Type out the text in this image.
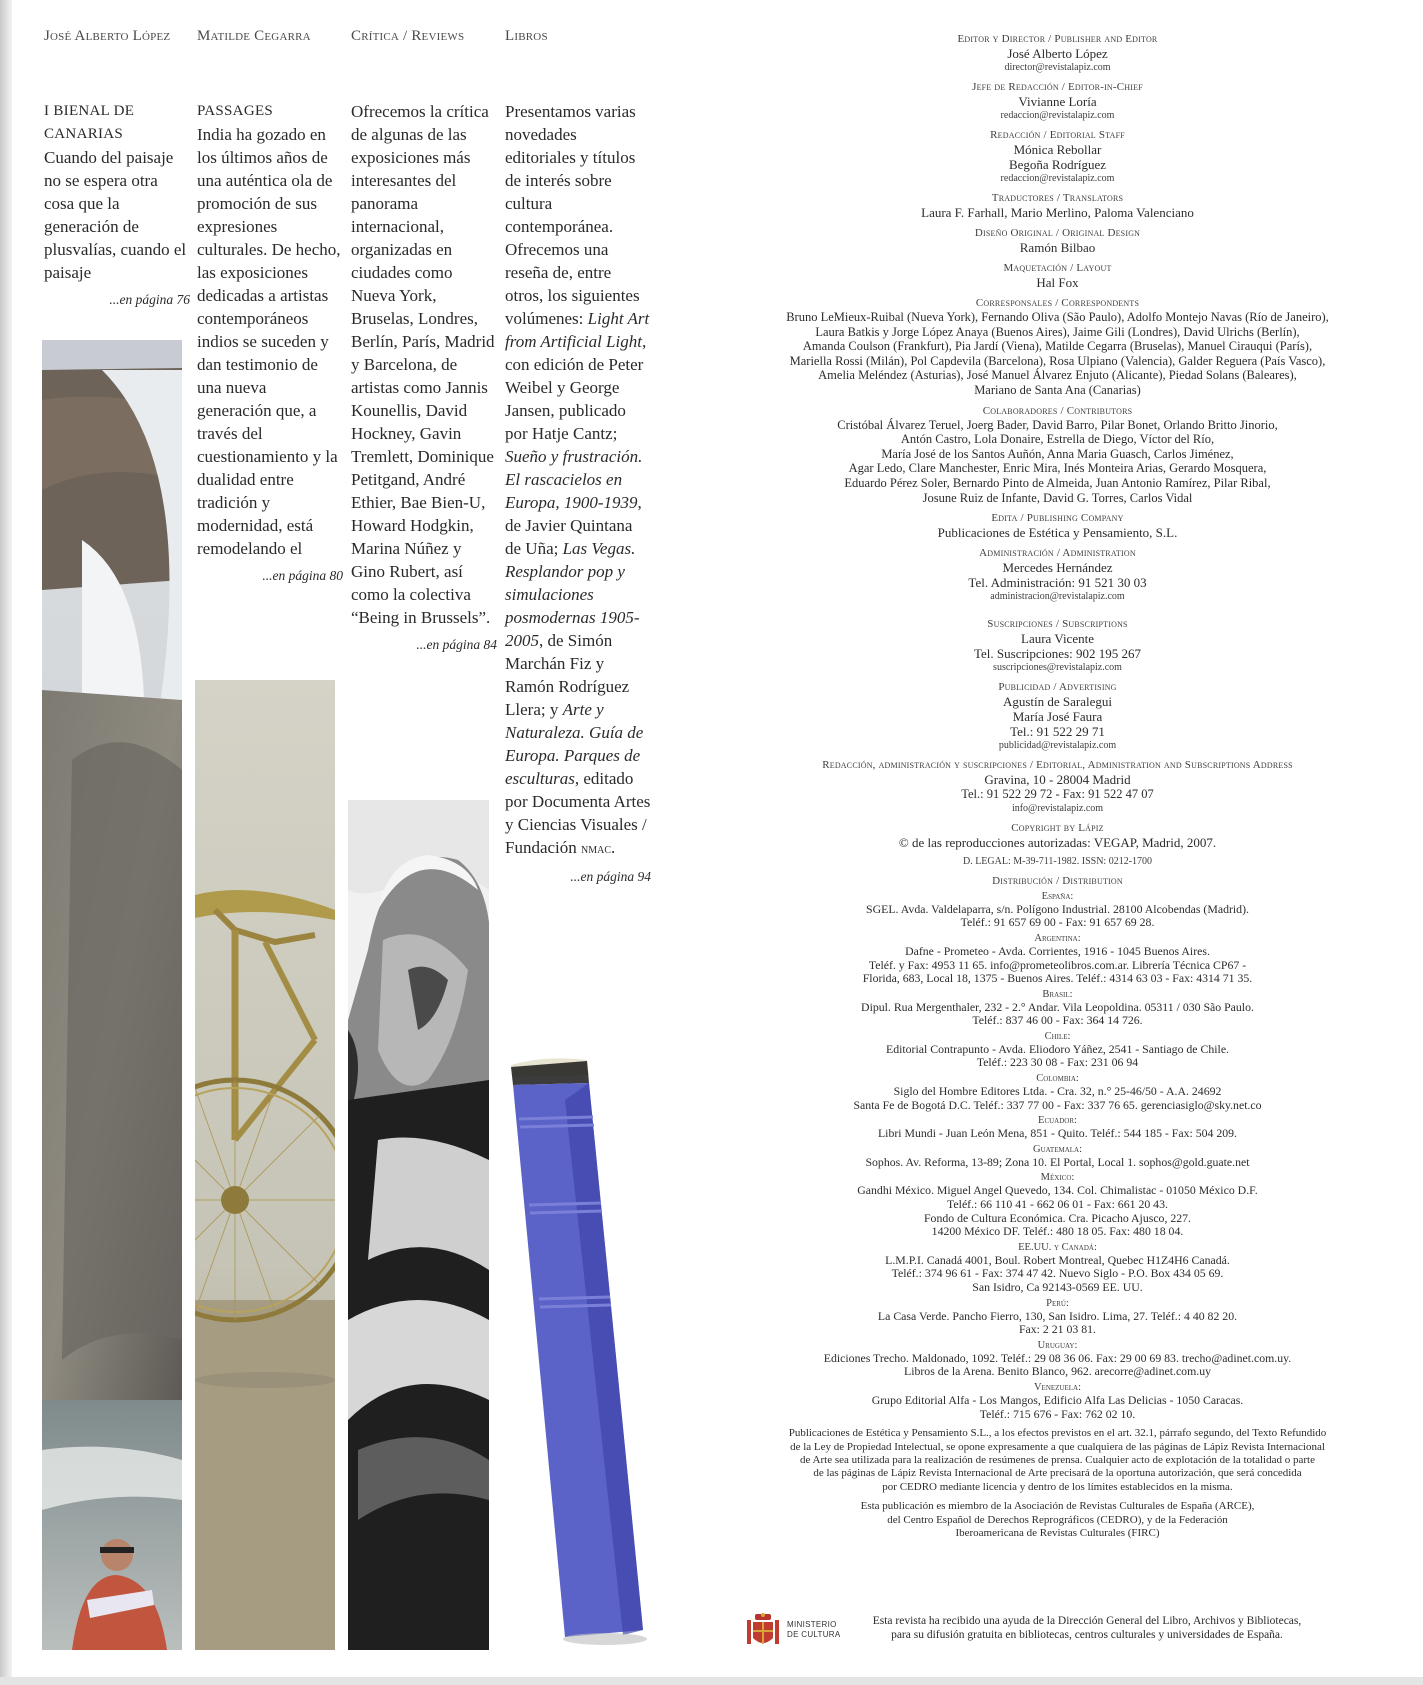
José Alberto López Matilde Cegarra	Crítica / Reviews	Libros
I BIENAL DE
CANARIAS
Cuando del paisaje no se espera otra cosa que la generación de plusvalías, cuando el paisaje
...en página 76
PASSAGES
India ha gozado en los últimos años de una auténtica ola de promoción de sus expresiones culturales. De hecho, las exposiciones dedicadas a artistas contemporáneos indios se suceden y dan testimonio de una nueva generación que, a través del cuestionamiento y la dualidad entre tradición y modernidad, está remodelando el
...en página 80
Ofrecemos la crítica de algunas de las exposiciones más interesantes del panorama internacional, organizadas en ciudades como Nueva York, Bruselas, Londres, Berlín, París, Madrid y Barcelona, de artistas como Jannis Kounellis, David Hockney, Gavin Tremlett, Dominique Petitgand, André Ethier, Bae Bien-U, Howard Hodgkin, Marina Núñez y Gino Rubert, así como la colectiva “Being in Brussels”.
...en página 84
Presentamos varias novedades editoriales y títulos de interés sobre cultura contemporánea. Ofrecemos una reseña de, entre otros, los siguientes volúmenes: Light Art from Artificial Light, con edición de Peter Weibel y George Jansen, publicado por Hatje Cantz; Sueño y frustración. El rascacielos en Europa, 1900-1939, de Javier Quintana de Uña; Las Vegas. Resplandor pop y simulaciones posmodernas 1905-2005, de Simón Marchán Fiz y Ramón Rodríguez Llera; y Arte y Naturaleza. Guía de Europa. Parques de esculturas, editado por Documenta Artes y Ciencias Visuales / Fundación nmac.
...en página 94
Editor y Director / Publisher and Editor
José Alberto López
director@revistalapiz.com
Jefe de Redacción / Editor-in-Chief
Vivianne Loría
redaccion@revistalapiz.com
Redacción / Editorial Staff
Mónica Rebollar
Begoña Rodríguez
redaccion@revistalapiz.com
Traductores / Translators
Laura F. Farhall, Mario Merlino, Paloma Valenciano
Diseño Original / Original Design
Ramón Bilbao
Maquetación / Layout
Hal Fox
Corresponsales / Correspondents
Bruno LeMieux-Ruibal (Nueva York), Fernando Oliva (São Paulo), Adolfo Montejo Navas (Río de Janeiro),
Laura Batkis y Jorge López Anaya (Buenos Aires), Jaime Gili (Londres), David Ulrichs (Berlín),
Amanda Coulson (Frankfurt), Pia Jardí (Viena), Matilde Cegarra (Bruselas), Manuel Cirauqui (París),
Mariella Rossi (Milán), Pol Capdevila (Barcelona), Rosa Ulpiano (Valencia), Galder Reguera (País Vasco),
Amelia Meléndez (Asturias), José Manuel Álvarez Enjuto (Alicante), Piedad Solans (Baleares),
Mariano de Santa Ana (Canarias)
Colaboradores / Contributors
Cristóbal Álvarez Teruel, Joerg Bader, David Barro, Pilar Bonet, Orlando Britto Jinorio,
Antón Castro, Lola Donaire, Estrella de Diego, Víctor del Río,
María José de los Santos Auñón, Anna Maria Guasch, Carlos Jiménez,
Agar Ledo, Clare Manchester, Enric Mira, Inés Monteira Arias, Gerardo Mosquera,
Eduardo Pérez Soler, Bernardo Pinto de Almeida, Juan Antonio Ramírez, Pilar Ribal,
Josune Ruiz de Infante, David G. Torres, Carlos Vidal
Edita / Publishing Company
Publicaciones de Estética y Pensamiento, S.L.
Administración / Administration
Mercedes Hernández
Tel. Administración: 91 521 30 03
administracion@revistalapiz.com
Suscripciones / Subscriptions
Laura Vicente
Tel. Suscripciones: 902 195 267
suscripciones@revistalapiz.com
Publicidad / Advertising
Agustín de Saralegui
María José Faura
Tel.: 91 522 29 71
publicidad@revistalapiz.com
Redacción, administración y suscripciones / Editorial, Administration and Subscriptions Address
Gravina, 10 - 28004 Madrid
Tel.: 91 522 29 72 - Fax: 91 522 47 07
info@revistalapiz.com
Copyright by Lápiz
© de las reproducciones autorizadas: VEGAP, Madrid, 2007.
D. LEGAL: M-39-711-1982. ISSN: 0212-1700
Distribución / Distribution
España:
SGEL. Avda. Valdelaparra, s/n. Polígono Industrial. 28100 Alcobendas (Madrid).
Teléf.: 91 657 69 00 - Fax: 91 657 69 28.
Argentina:
Dafne - Prometeo - Avda. Corrientes, 1916 - 1045 Buenos Aires.
Teléf. y Fax: 4953 11 65. info@prometeolibros.com.ar. Librería Técnica CP67 -
Florida, 683, Local 18, 1375 - Buenos Aires. Teléf.: 4314 63 03 - Fax: 4314 71 35.
Brasil:
Dipul. Rua Mergenthaler, 232 - 2.° Andar. Vila Leopoldina. 05311 / 030 São Paulo.
Teléf.: 837 46 00 - Fax: 364 14 726.
Chile:
Editorial Contrapunto - Avda. Eliodoro Yáñez, 2541 - Santiago de Chile.
Teléf.: 223 30 08 - Fax: 231 06 94
Colombia:
Siglo del Hombre Editores Ltda. - Cra. 32, n.° 25-46/50 - A.A. 24692
Santa Fe de Bogotá D.C. Teléf.: 337 77 00 - Fax: 337 76 65. gerenciasiglo@sky.net.co
Ecuador:
Libri Mundi - Juan León Mena, 851 - Quito. Teléf.: 544 185 - Fax: 504 209.
Guatemala:
Sophos. Av. Reforma, 13-89; Zona 10. El Portal, Local 1. sophos@gold.guate.net
México:
Gandhi México. Miguel Angel Quevedo, 134. Col. Chimalistac - 01050 México D.F.
Teléf.: 66 110 41 - 662 06 01 - Fax: 661 20 43.
Fondo de Cultura Económica. Cra. Picacho Ajusco, 227.
14200 México DF. Teléf.: 480 18 05. Fax: 480 18 04.
EE.UU. y Canadá:
L.M.P.I. Canadá 4001, Boul. Robert Montreal, Quebec H1Z4H6 Canadá.
Teléf.: 374 96 61 - Fax: 374 47 42. Nuevo Siglo - P.O. Box 434 05 69.
San Isidro, Ca 92143-0569 EE. UU.
Perú:
La Casa Verde. Pancho Fierro, 130, San Isidro. Lima, 27. Teléf.: 4 40 82 20.
Fax: 2 21 03 81.
Uruguay:
Ediciones Trecho. Maldonado, 1092. Teléf.: 29 08 36 06. Fax: 29 00 69 83. trecho@adinet.com.uy.
Libros de la Arena. Benito Blanco, 962. arecorre@adinet.com.uy
Venezuela:
Grupo Editorial Alfa - Los Mangos, Edificio Alfa Las Delicias - 1050 Caracas.
Teléf.: 715 676 - Fax: 762 02 10.
Publicaciones de Estética y Pensamiento S.L., a los efectos previstos en el art. 32.1, párrafo segundo, del Texto Refundido
de la Ley de Propiedad Intelectual, se opone expresamente a que cualquiera de las páginas de Lápiz Revista Internacional
de Arte sea utilizada para la realización de resúmenes de prensa. Cualquier acto de explotación de la totalidad o parte
de las páginas de Lápiz Revista Internacional de Arte precisará de la oportuna autorización, que será concedida
por CEDRO mediante licencia y dentro de los límites establecidos en la misma.
Esta publicación es miembro de la Asociación de Revistas Culturales de España (ARCE),
del Centro Español de Derechos Reprográficos (CEDRO), y de la Federación
Iberoamericana de Revistas Culturales (FIRC)
MINISTERIO
DE CULTURA
Esta revista ha recibido una ayuda de la Dirección General del Libro, Archivos y Bibliotecas,
para su difusión gratuita en bibliotecas, centros culturales y universidades de España.
